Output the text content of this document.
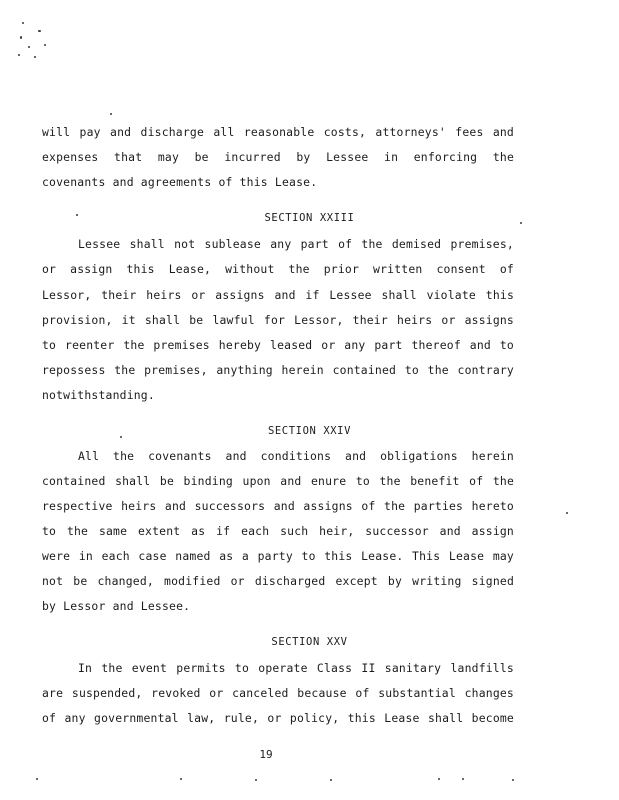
will pay and discharge all reasonable costs, attorneys' fees and
expenses that may be incurred by Lessee in enforcing the
covenants and agreements of this Lease.
SECTION XXIII
Lessee shall not sublease any part of the demised premises,
or assign this Lease, without the prior written consent of
Lessor, their heirs or assigns and if Lessee shall violate this
provision, it shall be lawful for Lessor, their heirs or assigns
to reenter the premises hereby leased or any part thereof and to
repossess the premises, anything herein contained to the contrary
notwithstanding.
SECTION XXIV
All the covenants and conditions and obligations herein
contained shall be binding upon and enure to the benefit of the
respective heirs and successors and assigns of the parties hereto
to the same extent as if each such heir, successor and assign
were in each case named as a party to this Lease. This Lease may
not be changed, modified or discharged except by writing signed
by Lessor and Lessee.
SECTION XXV
In the event permits to operate Class II sanitary landfills
are suspended, revoked or canceled because of substantial changes
of any governmental law, rule, or policy, this Lease shall become
19
